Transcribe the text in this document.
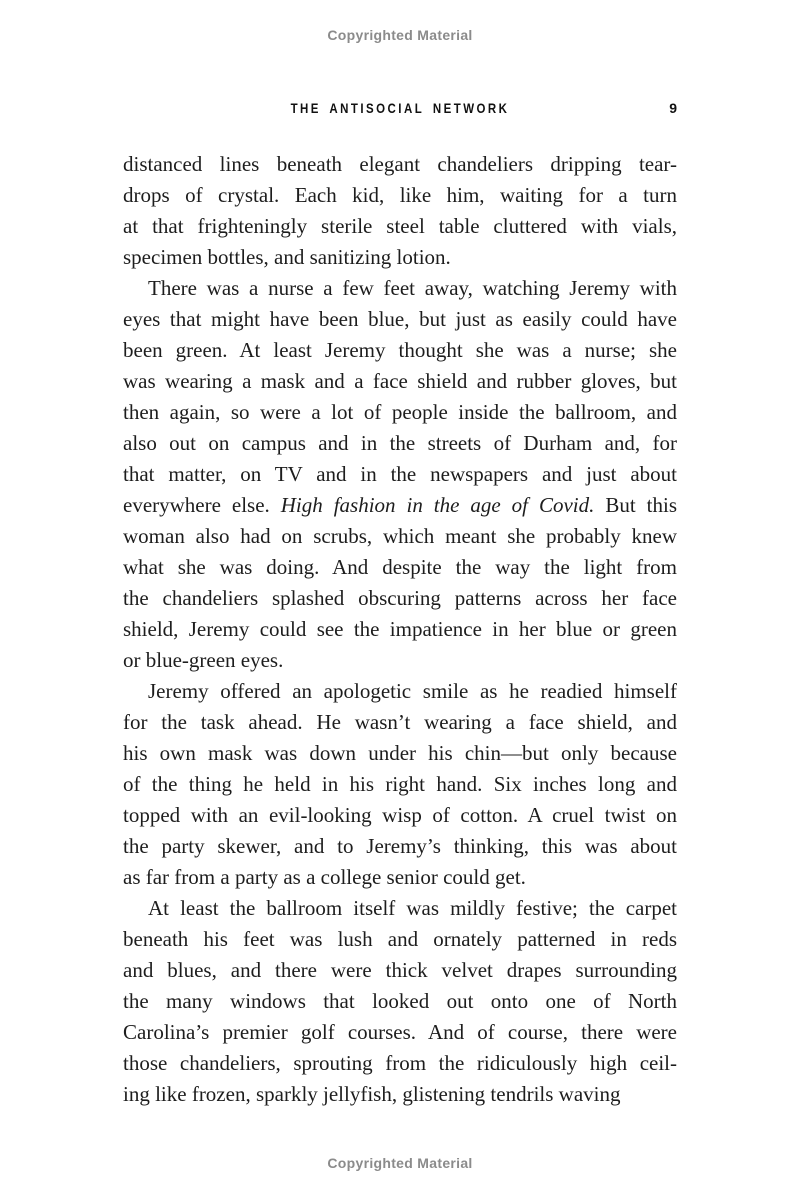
Copyrighted Material
THE ANTISOCIAL NETWORK	9
distanced lines beneath elegant chandeliers dripping tear-
drops of crystal. Each kid, like him, waiting for a turn
at that frighteningly sterile steel table cluttered with vials,
specimen bottles, and sanitizing lotion.
There was a nurse a few feet away, watching Jeremy with
eyes that might have been blue, but just as easily could have
been green. At least Jeremy thought she was a nurse; she
was wearing a mask and a face shield and rubber gloves, but
then again, so were a lot of people inside the ballroom, and
also out on campus and in the streets of Durham and, for
that matter, on TV and in the newspapers and just about
everywhere else. High fashion in the age of Covid. But this
woman also had on scrubs, which meant she probably knew
what she was doing. And despite the way the light from
the chandeliers splashed obscuring patterns across her face
shield, Jeremy could see the impatience in her blue or green
or blue-green eyes.
Jeremy offered an apologetic smile as he readied himself
for the task ahead. He wasn’t wearing a face shield, and
his own mask was down under his chin—but only because
of the thing he held in his right hand. Six inches long and
topped with an evil-looking wisp of cotton. A cruel twist on
the party skewer, and to Jeremy’s thinking, this was about
as far from a party as a college senior could get.
At least the ballroom itself was mildly festive; the carpet
beneath his feet was lush and ornately patterned in reds
and blues, and there were thick velvet drapes surrounding
the many windows that looked out onto one of North
Carolina’s premier golf courses. And of course, there were
those chandeliers, sprouting from the ridiculously high ceil-
ing like frozen, sparkly jellyfish, glistening tendrils waving
Copyrighted Material
